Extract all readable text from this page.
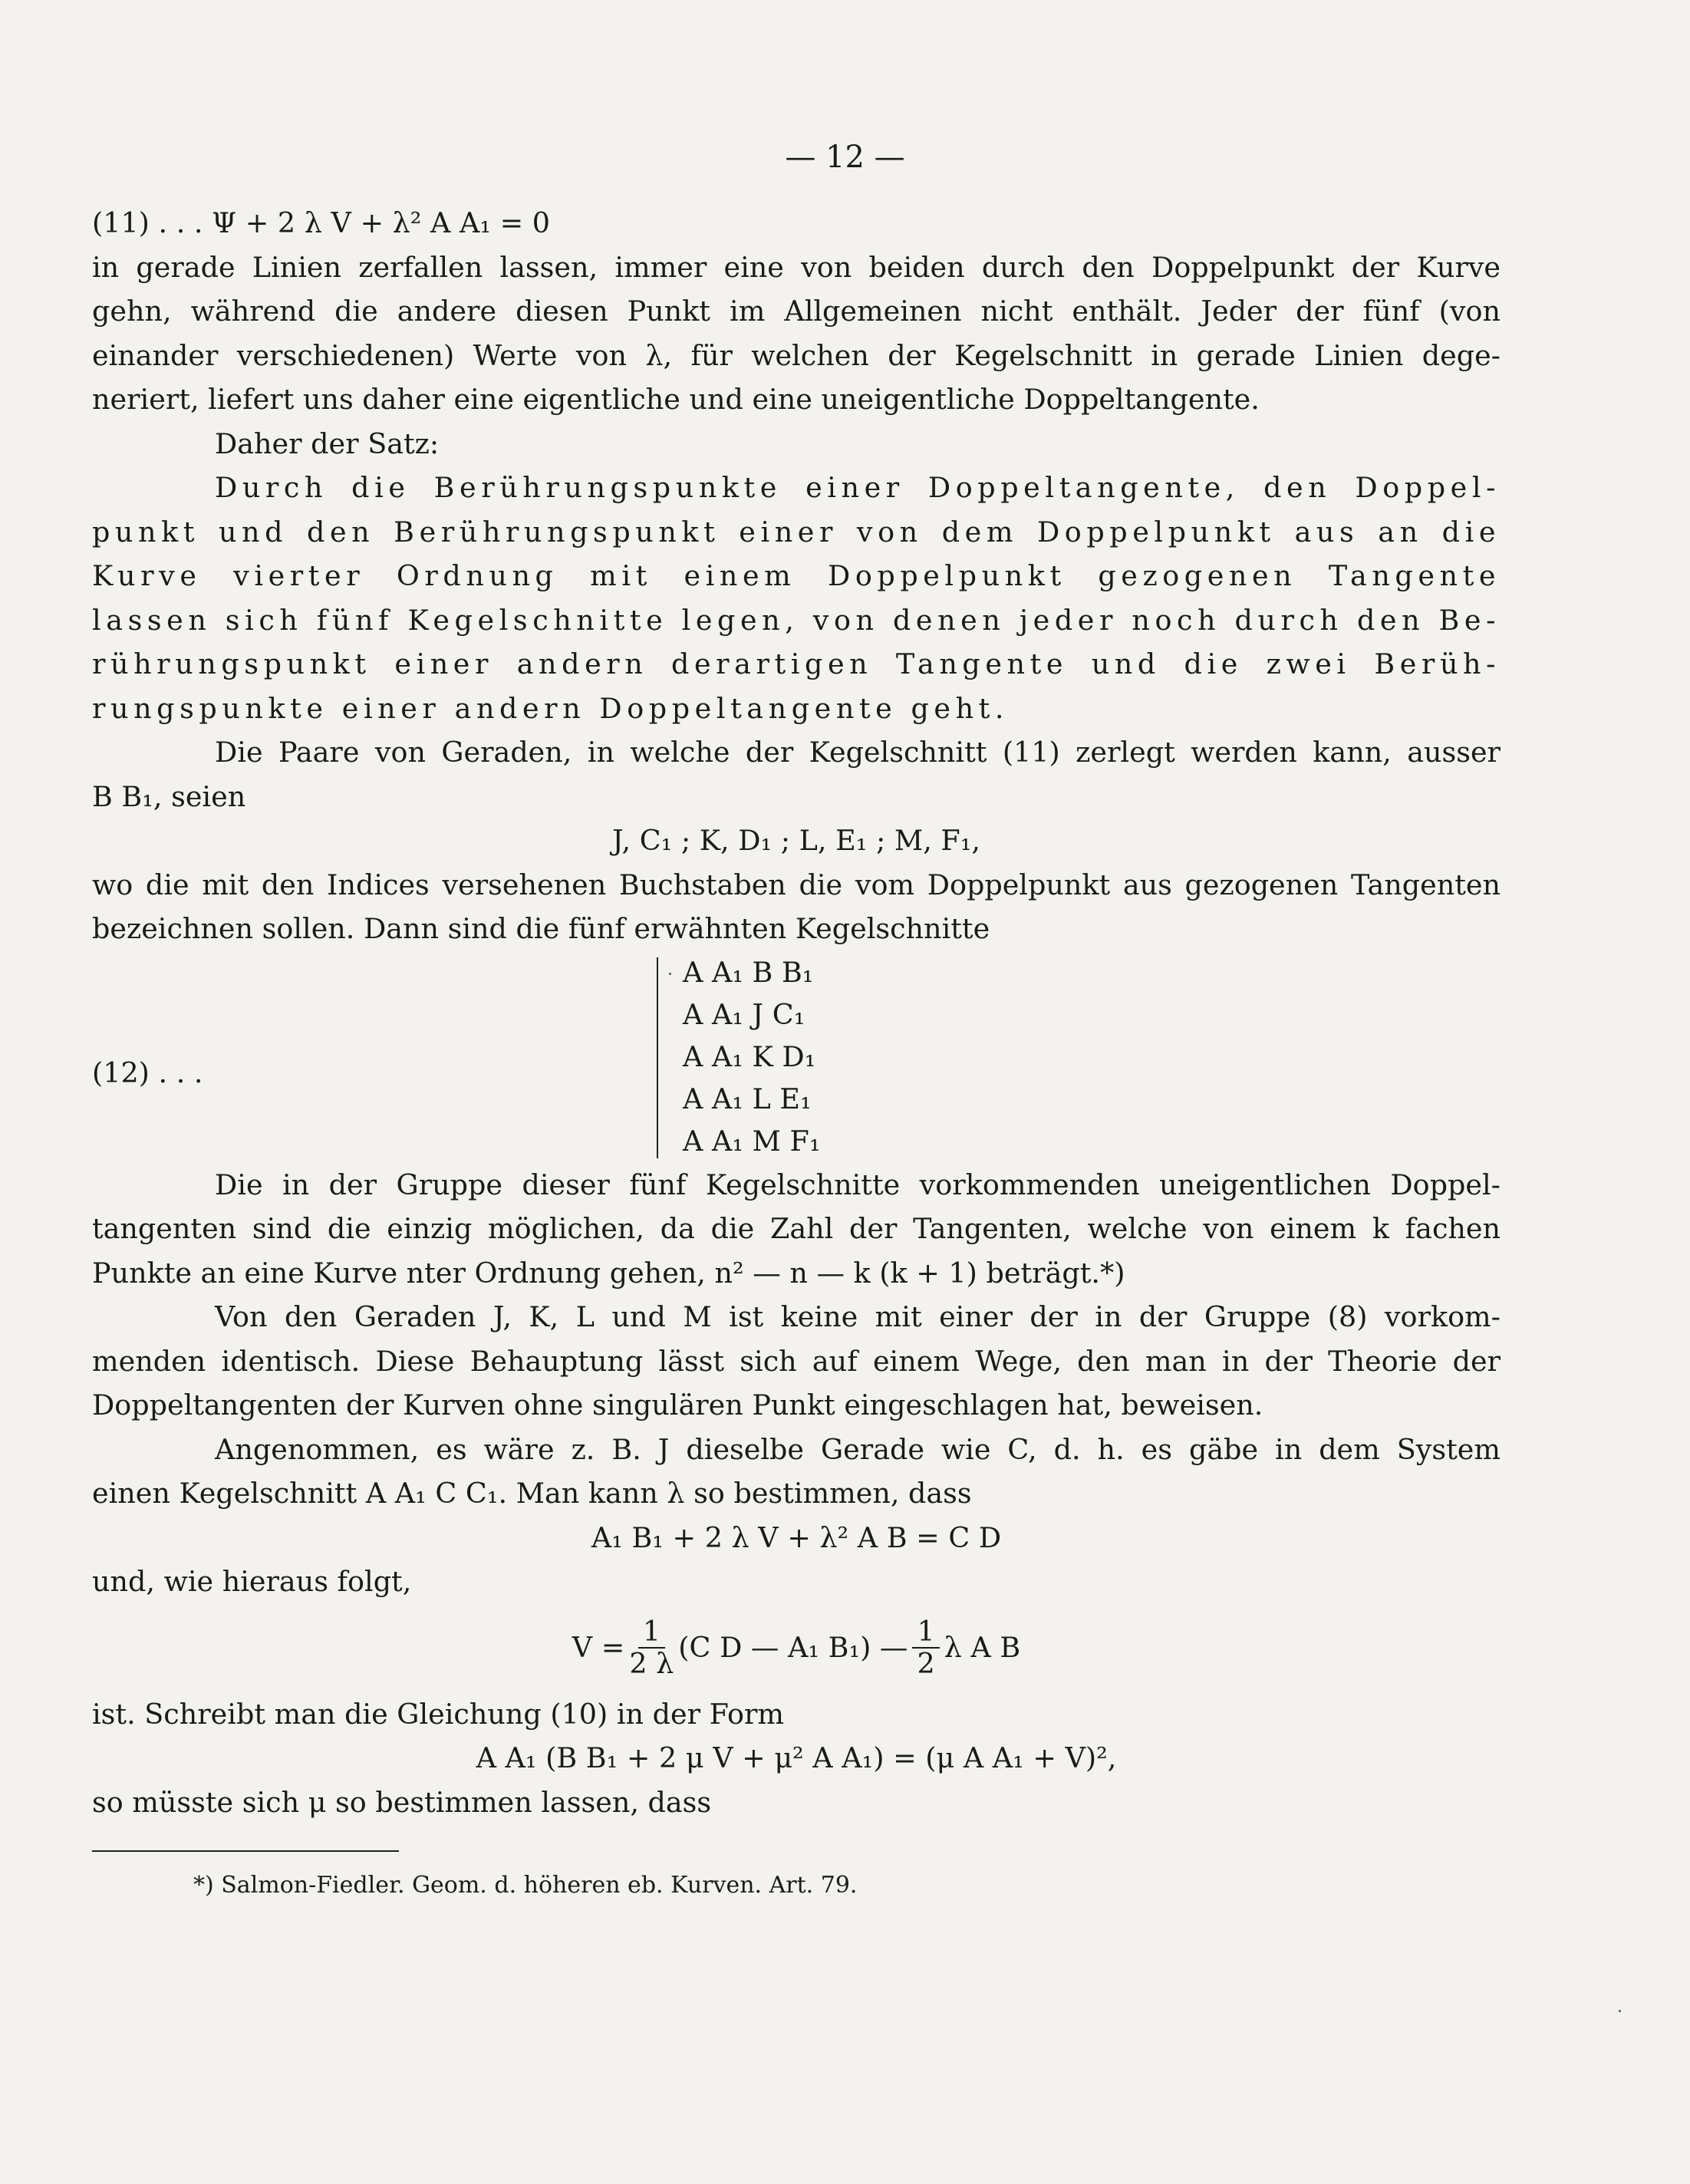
— 12 —
(11) . . . Ψ + 2 λ V + λ² A A₁ = 0
in gerade Linien zerfallen lassen, immer eine von beiden durch den Doppelpunkt der Kurve
gehn, während die andere diesen Punkt im Allgemeinen nicht enthält. Jeder der fünf (von
einander verschiedenen) Werte von λ, für welchen der Kegelschnitt in gerade Linien dege-
neriert, liefert uns daher eine eigentliche und eine uneigentliche Doppeltangente.
Daher der Satz:
Durch die Berührungspunkte einer Doppeltangente, den Doppel-
punkt und den Berührungspunkt einer von dem Doppelpunkt aus an die
Kurve vierter Ordnung mit einem Doppelpunkt gezogenen Tangente
lassen sich fünf Kegelschnitte legen, von denen jeder noch durch den Be-
rührungspunkt einer andern derartigen Tangente und die zwei Berüh-
rungspunkte einer andern Doppeltangente geht.
Die Paare von Geraden, in welche der Kegelschnitt (11) zerlegt werden kann, ausser
B B₁, seien
J, C₁ ; K, D₁ ; L, E₁ ; M, F₁,
wo die mit den Indices versehenen Buchstaben die vom Doppelpunkt aus gezogenen Tangenten
bezeichnen sollen. Dann sind die fünf erwähnten Kegelschnitte
(12) . . .
A A₁ B B₁
A A₁ J C₁
A A₁ K D₁
A A₁ L E₁
A A₁ M F₁
Die in der Gruppe dieser fünf Kegelschnitte vorkommenden uneigentlichen Doppel-
tangenten sind die einzig möglichen, da die Zahl der Tangenten, welche von einem k fachen
Punkte an eine Kurve nter Ordnung gehen, n² — n — k (k + 1) beträgt.*)
Von den Geraden J, K, L und M ist keine mit einer der in der Gruppe (8) vorkom-
menden identisch. Diese Behauptung lässt sich auf einem Wege, den man in der Theorie der
Doppeltangenten der Kurven ohne singulären Punkt eingeschlagen hat, beweisen.
Angenommen, es wäre z. B. J dieselbe Gerade wie C, d. h. es gäbe in dem System
einen Kegelschnitt A A₁ C C₁. Man kann λ so bestimmen, dass
A₁ B₁ + 2 λ V + λ² A B = C D
und, wie hieraus folgt,
$V = \frac{1}{2 \lambda} (C$ D — A₁ B₁) — $\frac{1}{2}$ λ A B
ist. Schreibt man die Gleichung (10) in der Form
A A₁ (B B₁ + 2 μ V + μ² A A₁) = (μ A A₁ + V)²,
so müsste sich μ so bestimmen lassen, dass
*) Salmon-Fiedler. Geom. d. höheren eb. Kurven. Art. 79.
